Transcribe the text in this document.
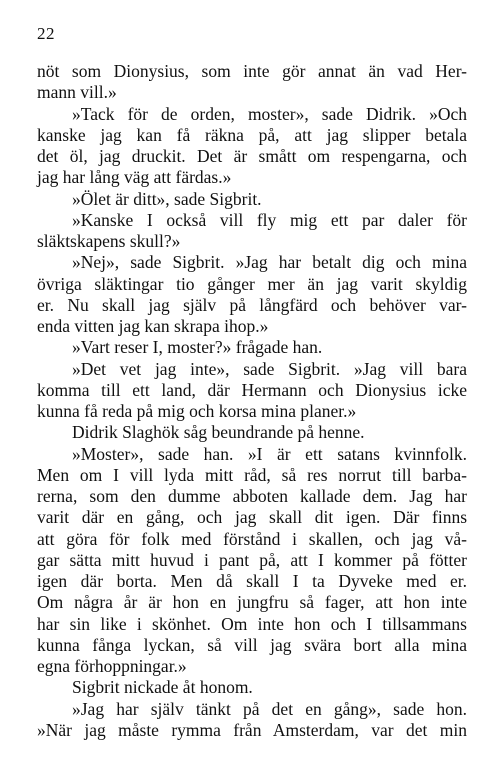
22
nöt som Dionysius, som inte gör annat än vad Her-
mann vill.»
»Tack för de orden, moster», sade Didrik. »Och
kanske jag kan få räkna på, att jag slipper betala
det öl, jag druckit. Det är smått om respengarna, och
jag har lång väg att färdas.»
»Ölet är ditt», sade Sigbrit.
»Kanske I också vill fly mig ett par daler för
släktskapens skull?»
»Nej», sade Sigbrit. »Jag har betalt dig och mina
övriga släktingar tio gånger mer än jag varit skyldig
er. Nu skall jag själv på långfärd och behöver var-
enda vitten jag kan skrapa ihop.»
»Vart reser I, moster?» frågade han.
»Det vet jag inte», sade Sigbrit. »Jag vill bara
komma till ett land, där Hermann och Dionysius icke
kunna få reda på mig och korsa mina planer.»
Didrik Slaghök såg beundrande på henne.
»Moster», sade han. »I är ett satans kvinnfolk.
Men om I vill lyda mitt råd, så res norrut till barba-
rerna, som den dumme abboten kallade dem. Jag har
varit där en gång, och jag skall dit igen. Där finns
att göra för folk med förstånd i skallen, och jag vå-
gar sätta mitt huvud i pant på, att I kommer på fötter
igen där borta. Men då skall I ta Dyveke med er.
Om några år är hon en jungfru så fager, att hon inte
har sin like i skönhet. Om inte hon och I tillsammans
kunna fånga lyckan, så vill jag svära bort alla mina
egna förhoppningar.»
Sigbrit nickade åt honom.
»Jag har själv tänkt på det en gång», sade hon.
»När jag måste rymma från Amsterdam, var det min
